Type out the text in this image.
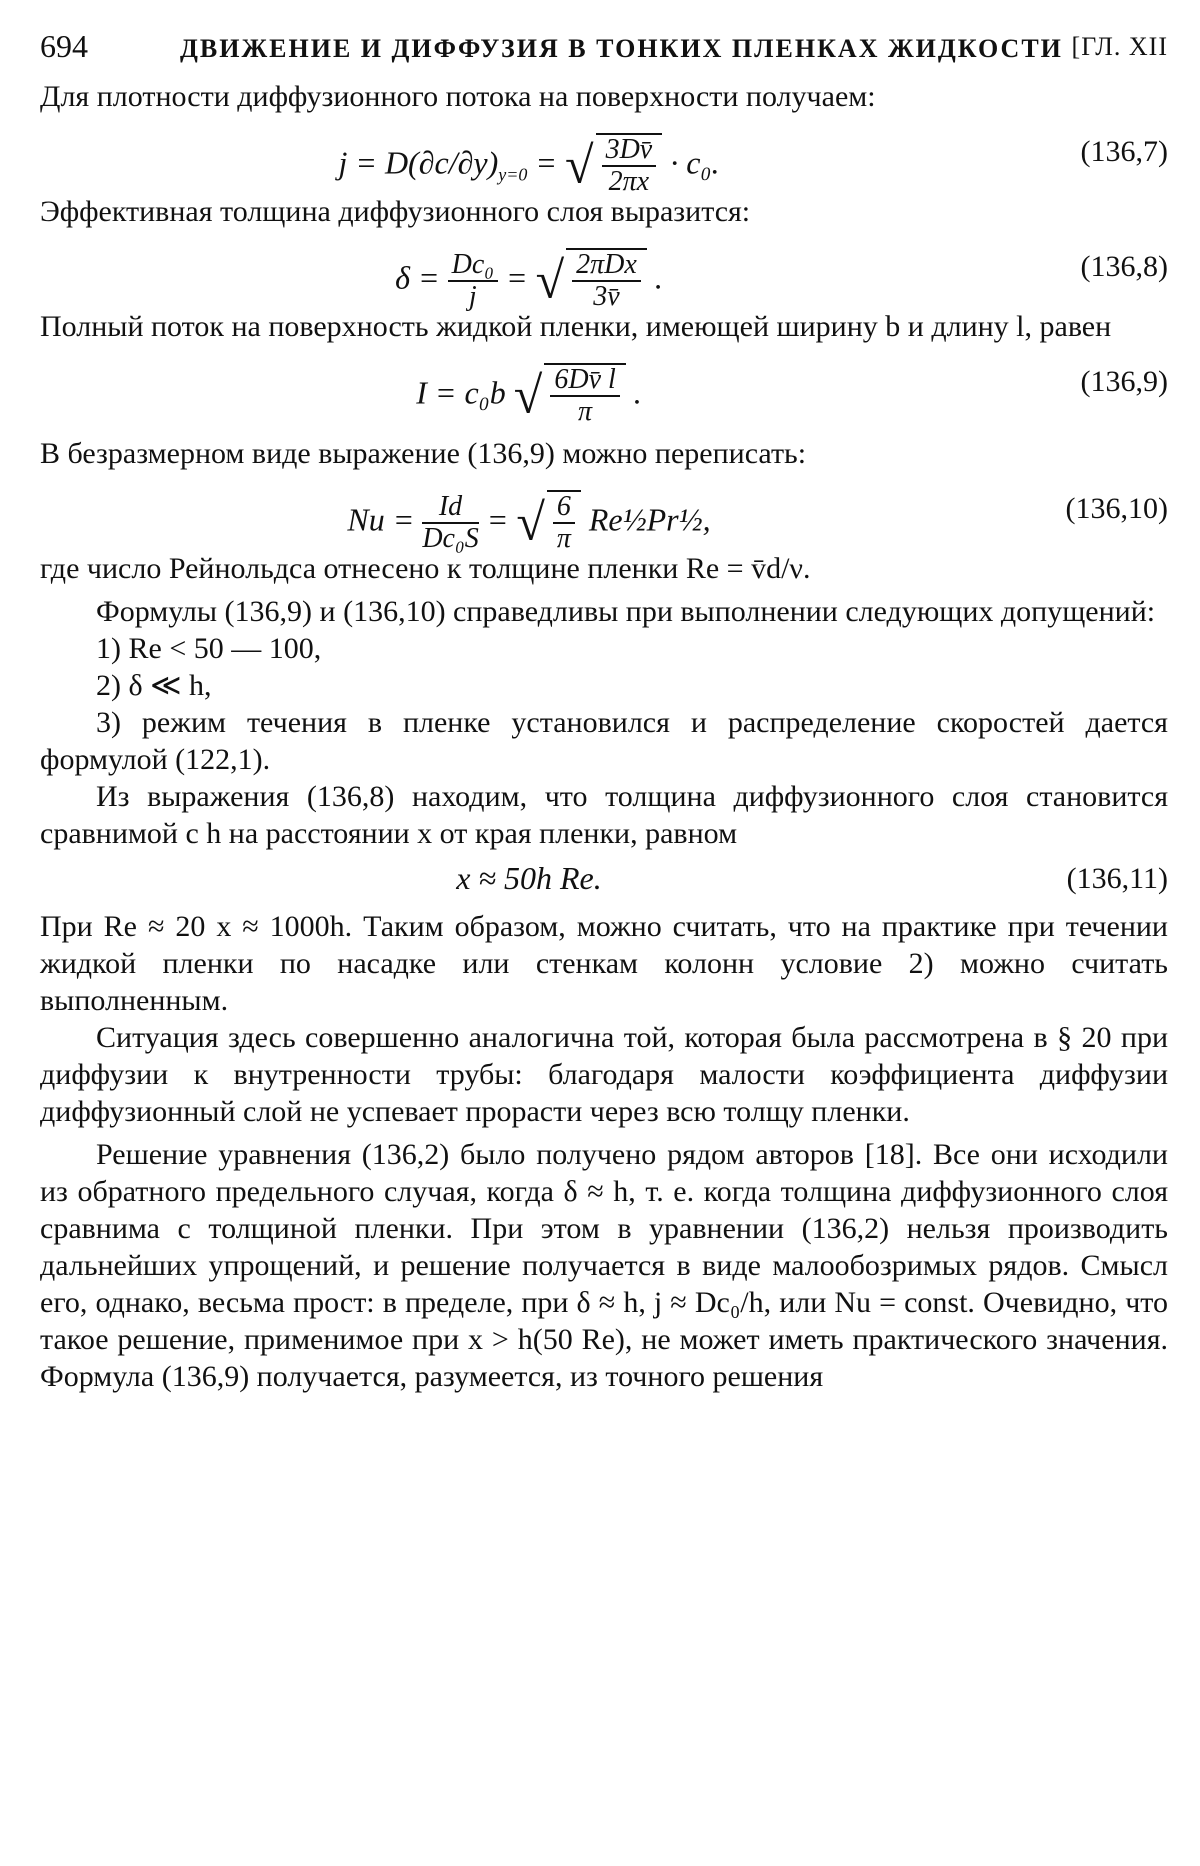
694	ДВИЖЕНИЕ И ДИФФУЗИЯ В ТОНКИХ ПЛЕНКАХ ЖИДКОСТИ [ГЛ. XII

Для плотности диффузионного потока на поверхности получаем:

$j = D(\partial c/\partial y)_{y=0}$ = √ $\frac{3Dv̄}{2\pi x} \cdot c_0$.	(136,7)

Эффективная толщина диффузионного слоя выразится:

$\delta = \frac{\text{Dc₀}}{j}$ = √ $\frac{\text{2πDx}}{3v̄}$ .	(136,8)

Полный поток на поверхность жидкой пленки, имеющей ширину b и длину l, равен

I = c₀b √ $\frac{6Dv̄ l}{\pi}$ .	(136,9)

В безразмерном виде выражение (136,9) можно переписать:

$Nu = \frac{Id}{\text{Dc₀S}}$ = √ $\frac{6}{\pi}$ Re½Pr½,	(136,10)

где число Рейнольдса отнесено к толщине пленки Re = v̄d/ν.

Формулы (136,9) и (136,10) справедливы при выполнении следующих допущений:

1) Re < 50 — 100,

2) δ ≪ h,

3) режим течения в пленке установился и распределение скоростей дается формулой (122,1).

Из выражения (136,8) находим, что толщина диффузионного слоя становится сравнимой с h на расстоянии x от края пленки, равном

x ≈ 50h Re.	(136,11)

При Re ≈ 20 x ≈ 1000h. Таким образом, можно считать, что на практике при течении жидкой пленки по насадке или стенкам колонн условие 2) можно считать выполненным.

Ситуация здесь совершенно аналогична той, которая была рассмотрена в § 20 при диффузии к внутренности трубы: благодаря малости коэффициента диффузии диффузионный слой не успевает прорасти через всю толщу пленки.

Решение уравнения (136,2) было получено рядом авторов [18]. Все они исходили из обратного предельного случая, когда δ ≈ h, т. е. когда толщина диффузионного слоя сравнима с толщиной пленки. При этом в уравнении (136,2) нельзя производить дальнейших упрощений, и решение получается в виде малообозримых рядов. Смысл его, однако, весьма прост: в пределе, при δ ≈ h, j ≈ Dc₀/h, или Nu = const. Очевидно, что такое решение, применимое при x > h(50 Re), не может иметь практического значения. Формула (136,9) получается, разумеется, из точного решения
